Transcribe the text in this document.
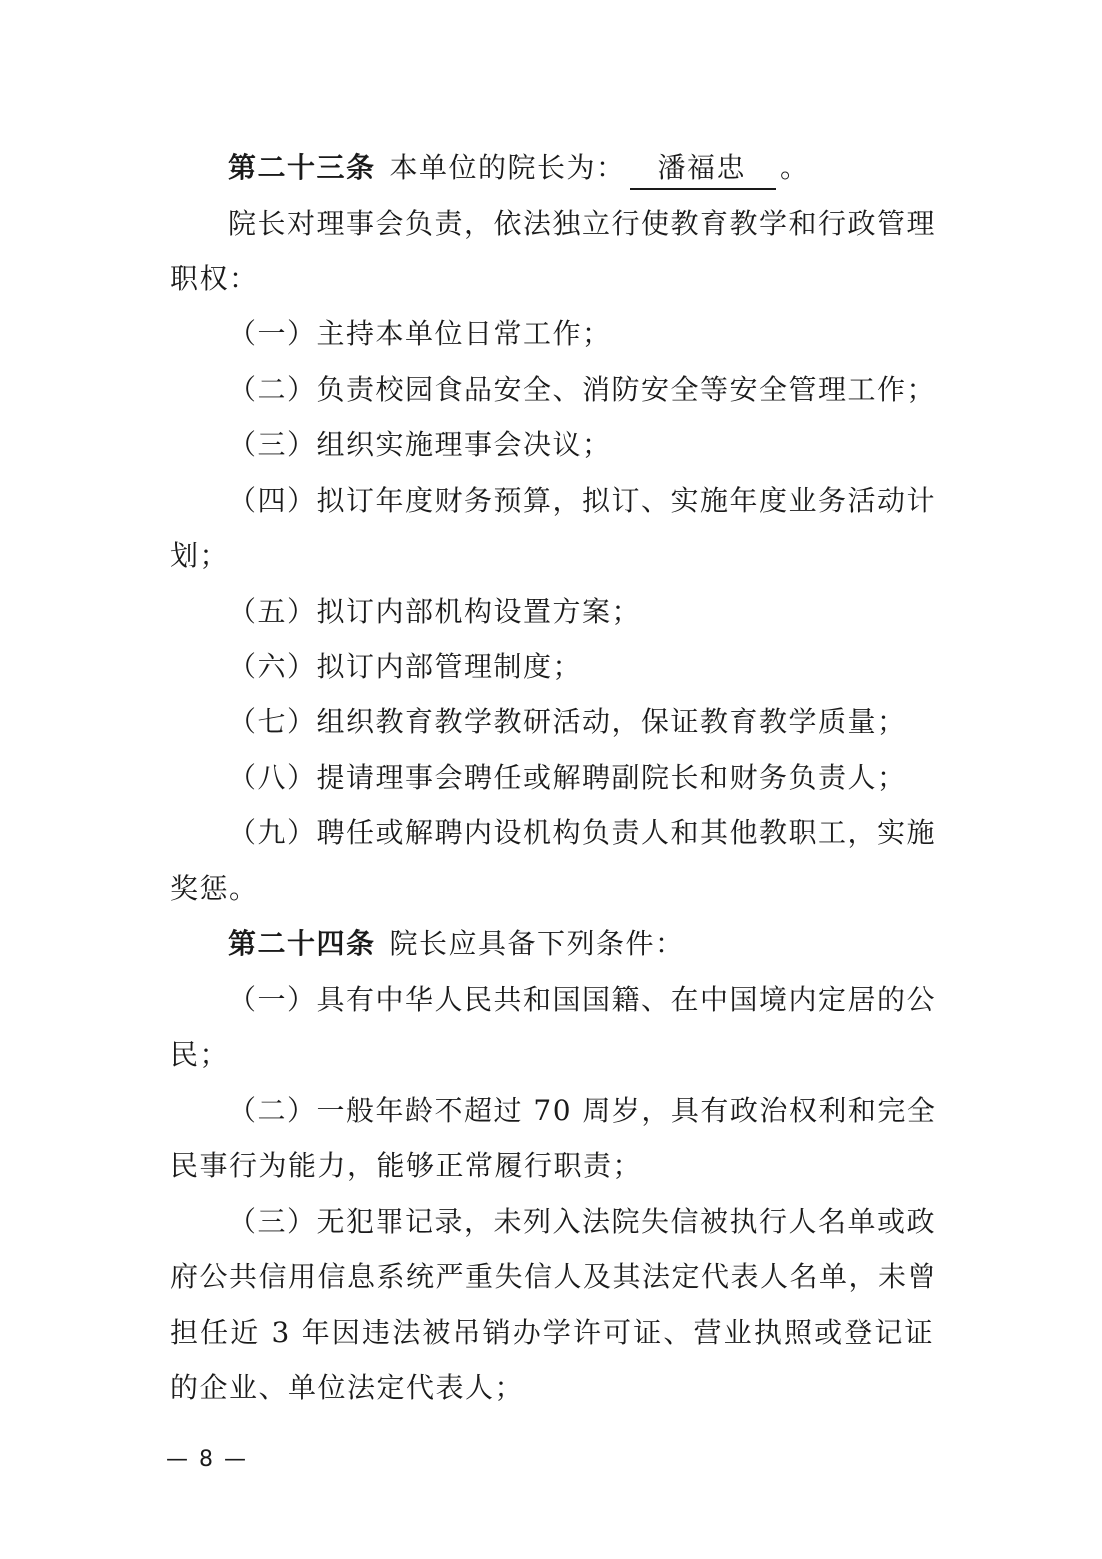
第二十三条 本单位的院长为： 潘福忠 。
院长对理事会负责，依法独立行使教育教学和行政管理
职权：
（一）主持本单位日常工作；
（二）负责校园食品安全、消防安全等安全管理工作；
（三）组织实施理事会决议；
（四）拟订年度财务预算，拟订、实施年度业务活动计
划；
（五）拟订内部机构设置方案；
（六）拟订内部管理制度；
（七）组织教育教学教研活动，保证教育教学质量；
（八）提请理事会聘任或解聘副院长和财务负责人；
（九）聘任或解聘内设机构负责人和其他教职工，实施
奖惩。
第二十四条 院长应具备下列条件：
（一）具有中华人民共和国国籍、在中国境内定居的公
民；
（二）一般年龄不超过 70 周岁，具有政治权利和完全
民事行为能力，能够正常履行职责；
（三）无犯罪记录，未列入法院失信被执行人名单或政
府公共信用信息系统严重失信人及其法定代表人名单，未曾
担任近 3 年因违法被吊销办学许可证、营业执照或登记证
的企业、单位法定代表人；
— 8 —
